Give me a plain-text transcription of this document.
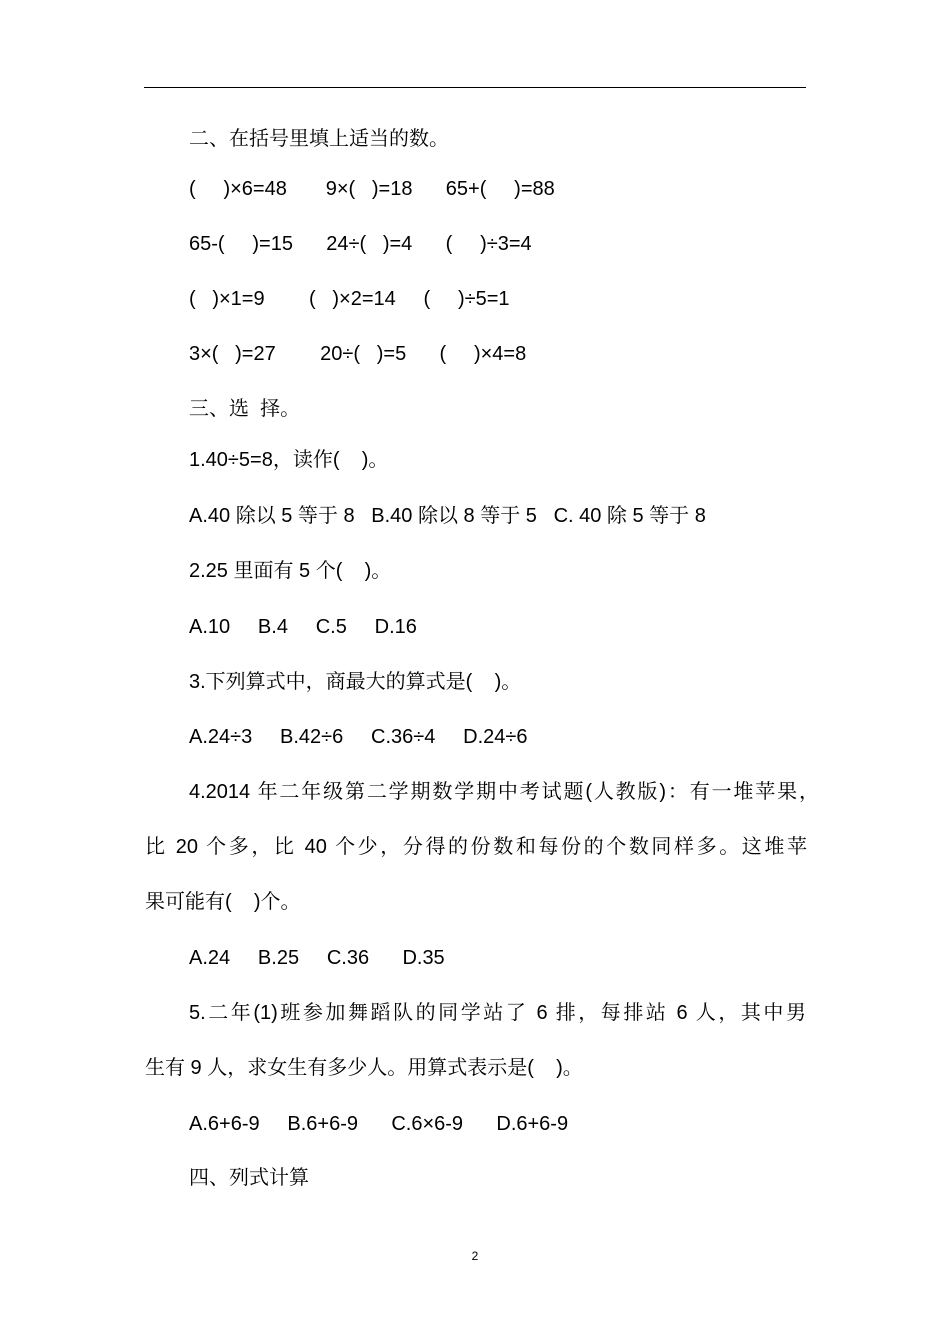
二、在括号里填上适当的数。
(     )×6=48       9×(   )=18      65+(     )=88
65-(     )=15      24÷(   )=4      (     )÷3=4
(   )×1=9        (   )×2=14     (     )÷5=1
3×(   )=27        20÷(   )=5      (     )×4=8
三、选  择。
1.40÷5=8，读作(    )。
A.40 除以 5 等于 8   B.40 除以 8 等于 5   C. 40 除 5 等于 8
2.25 里面有 5 个(    )。
A.10     B.4     C.5     D.16
3.下列算式中，商最大的算式是(    )。
A.24÷3     B.42÷6     C.36÷4     D.24÷6
4.2014 年二年级第二学期数学期中考试题(人教版)：有一堆苹果，
比 20 个多，比 40 个少，分得的份数和每份的个数同样多。这堆苹
果可能有(    )个。
A.24     B.25     C.36      D.35
5.二年(1)班参加舞蹈队的同学站了 6 排，每排站 6 人，其中男
生有 9 人，求女生有多少人。用算式表示是(    )。
A.6+6-9     B.6+6-9      C.6×6-9      D.6+6-9
四、列式计算
2
